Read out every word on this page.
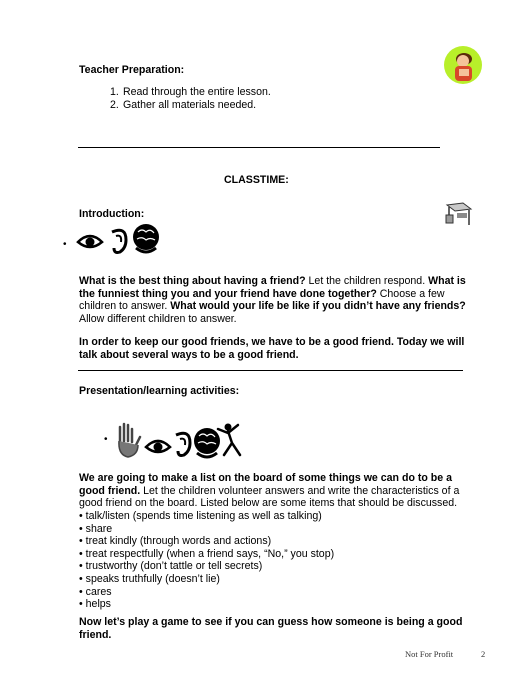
Teacher Preparation:
1. Read through the entire lesson.
2. Gather all materials needed.
CLASSTIME:
Introduction:
•
What is the best thing about having a friend? Let the children respond. What is the funniest thing you and your friend have done together? Choose a few children to answer. What would your life be like if you didn’t have any friends? Allow different children to answer.
In order to keep our good friends, we have to be a good friend. Today we will talk about several ways to be a good friend.
Presentation/learning activities:
•
We are going to make a list on the board of some things we can do to be a good friend. Let the children volunteer answers and write the characteristics of a good friend on the board. Listed below are some items that should be discussed.
• talk/listen (spends time listening as well as talking)
• share
• treat kindly (through words and actions)
• treat respectfully (when a friend says, “No,” you stop)
• trustworthy (don’t tattle or tell secrets)
• speaks truthfully (doesn’t lie)
• cares
• helps
Now let’s play a game to see if you can guess how someone is being a good friend.
Not For Profit	2
